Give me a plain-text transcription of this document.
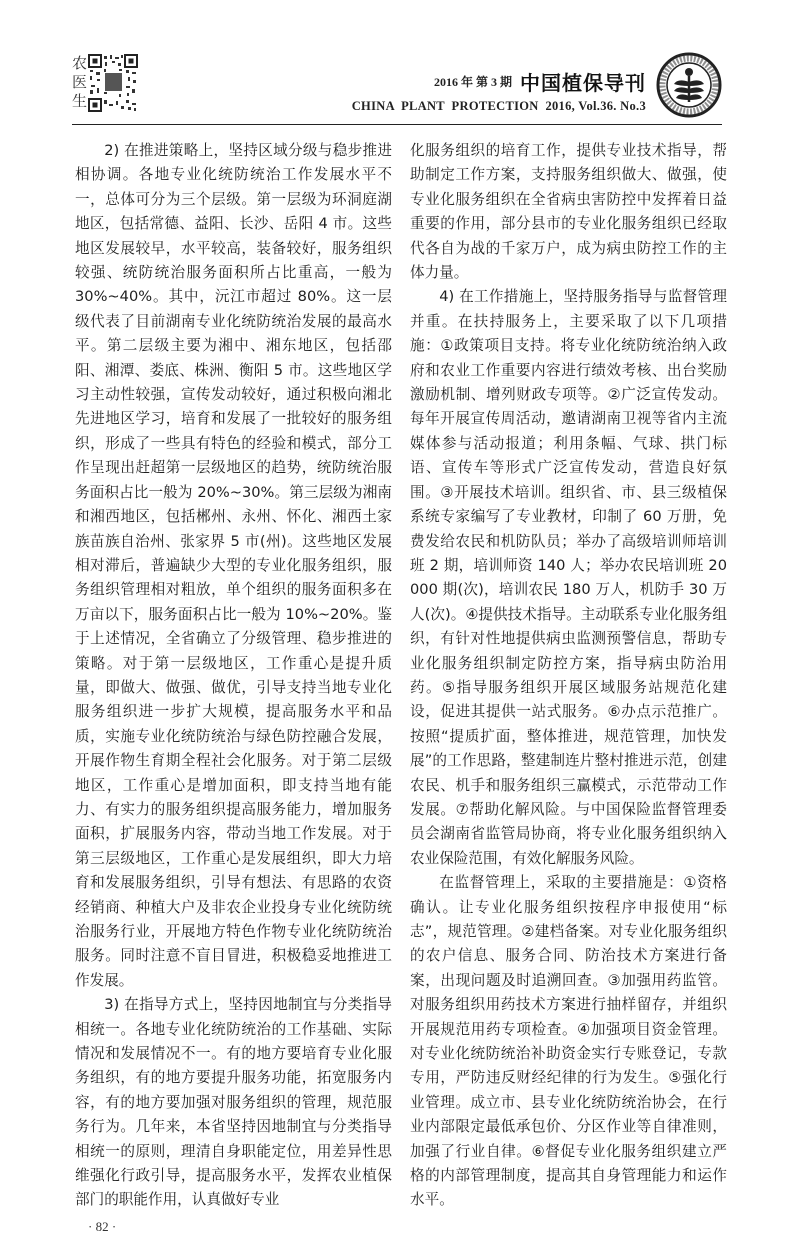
农
医
生
2016 年 第 3 期 中国植保导刊
CHINA  PLANT  PROTECTION  2016, Vol.36. No.3

2) 在推进策略上，坚持区域分级与稳步推进相协调。各地专业化统防统治工作发展水平不一，总体可分为三个层级。第一层级为环洞庭湖地区，包括常德、益阳、长沙、岳阳 4 市。这些地区发展较早，水平较高，装备较好，服务组织较强、统防统治服务面积所占比重高，一般为 30%~40%。其中，沅江市超过 80%。这一层级代表了目前湖南专业化统防统治发展的最高水平。第二层级主要为湘中、湘东地区，包括邵阳、湘潭、娄底、株洲、衡阳 5 市。这些地区学习主动性较强，宣传发动较好，通过积极向湘北先进地区学习，培育和发展了一批较好的服务组织，形成了一些具有特色的经验和模式，部分工作呈现出赶超第一层级地区的趋势，统防统治服务面积占比一般为 20%~30%。第三层级为湘南和湘西地区，包括郴州、永州、怀化、湘西土家族苗族自治州、张家界 5 市(州)。这些地区发展相对滞后，普遍缺少大型的专业化服务组织，服务组织管理相对粗放，单个组织的服务面积多在万亩以下，服务面积占比一般为 10%~20%。鉴于上述情况，全省确立了分级管理、稳步推进的策略。对于第一层级地区，工作重心是提升质量，即做大、做强、做优，引导支持当地专业化服务组织进一步扩大规模，提高服务水平和品质，实施专业化统防统治与绿色防控融合发展，开展作物生育期全程社会化服务。对于第二层级地区，工作重心是增加面积，即支持当地有能力、有实力的服务组织提高服务能力，增加服务面积，扩展服务内容，带动当地工作发展。对于第三层级地区，工作重心是发展组织，即大力培育和发展服务组织，引导有想法、有思路的农资经销商、种植大户及非农企业投身专业化统防统治服务行业，开展地方特色作物专业化统防统治服务。同时注意不盲目冒进，积极稳妥地推进工作发展。

3) 在指导方式上，坚持因地制宜与分类指导相统一。各地专业化统防统治的工作基础、实际情况和发展情况不一。有的地方要培育专业化服务组织，有的地方要提升服务功能，拓宽服务内容，有的地方要加强对服务组织的管理，规范服务行为。几年来，本省坚持因地制宜与分类指导相统一的原则，理清自身职能定位，用差异性思维强化行政引导，提高服务水平，发挥农业植保部门的职能作用，认真做好专业

化服务组织的培育工作，提供专业技术指导，帮助制定工作方案，支持服务组织做大、做强，使专业化服务组织在全省病虫害防控中发挥着日益重要的作用，部分县市的专业化服务组织已经取代各自为战的千家万户，成为病虫防控工作的主体力量。

4) 在工作措施上，坚持服务指导与监督管理并重。在扶持服务上，主要采取了以下几项措施：①政策项目支持。将专业化统防统治纳入政府和农业工作重要内容进行绩效考核、出台奖励激励机制、增列财政专项等。②广泛宣传发动。每年开展宣传周活动，邀请湖南卫视等省内主流媒体参与活动报道；利用条幅、气球、拱门标语、宣传车等形式广泛宣传发动，营造良好氛围。③开展技术培训。组织省、市、县三级植保系统专家编写了专业教材，印制了 60 万册，免费发给农民和机防队员；举办了高级培训师培训班 2 期，培训师资 140 人；举办农民培训班 20 000 期(次)，培训农民 180 万人，机防手 30 万人(次)。④提供技术指导。主动联系专业化服务组织，有针对性地提供病虫监测预警信息，帮助专业化服务组织制定防控方案，指导病虫防治用药。⑤指导服务组织开展区域服务站规范化建设，促进其提供一站式服务。⑥办点示范推广。按照“提质扩面，整体推进，规范管理，加快发展”的工作思路，整建制连片整村推进示范，创建农民、机手和服务组织三赢模式，示范带动工作发展。⑦帮助化解风险。与中国保险监督管理委员会湖南省监管局协商，将专业化服务组织纳入农业保险范围，有效化解服务风险。

在监督管理上，采取的主要措施是：①资格确认。让专业化服务组织按程序申报使用“标志”，规范管理。②建档备案。对专业化服务组织的农户信息、服务合同、防治技术方案进行备案，出现问题及时追溯回查。③加强用药监管。对服务组织用药技术方案进行抽样留存，并组织开展规范用药专项检查。④加强项目资金管理。对专业化统防统治补助资金实行专账登记，专款专用，严防违反财经纪律的行为发生。⑤强化行业管理。成立市、县专业化统防统治协会，在行业内部限定最低承包价、分区作业等自律准则，加强了行业自律。⑥督促专业化服务组织建立严格的内部管理制度，提高其自身管理能力和运作水平。

· 82 ·
